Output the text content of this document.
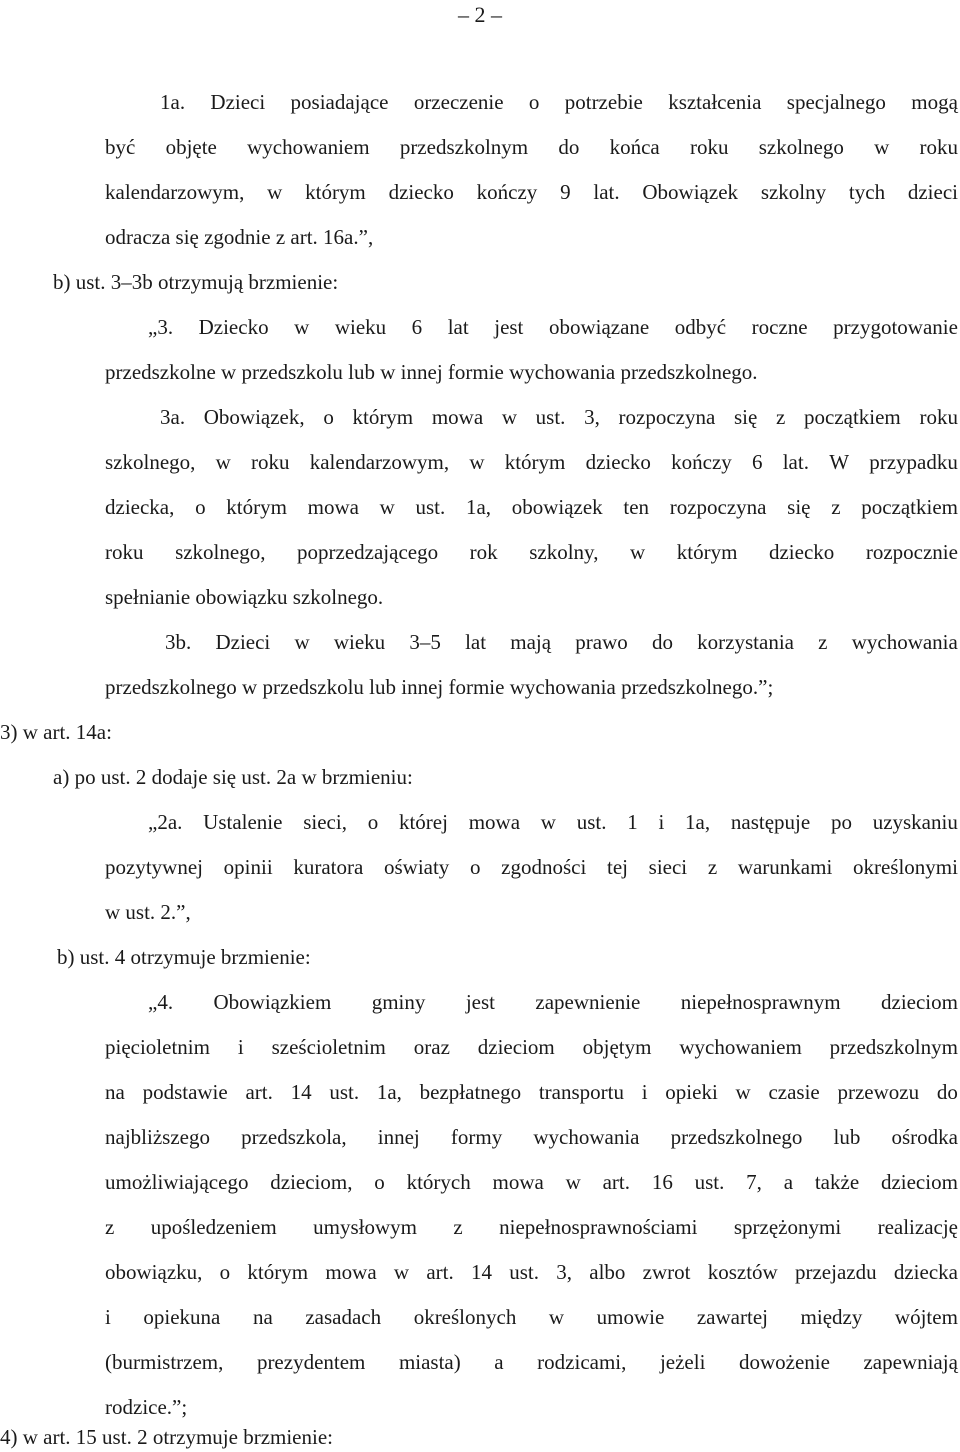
– 2 –
1a. Dzieci posiadające orzeczenie o potrzebie kształcenia specjalnego mogą
być objęte wychowaniem przedszkolnym do końca roku szkolnego w roku
kalendarzowym, w którym dziecko kończy 9 lat. Obowiązek szkolny tych dzieci
odracza się zgodnie z art. 16a.”,
b) ust. 3–3b otrzymują brzmienie:
„3. Dziecko w wieku 6 lat jest obowiązane odbyć roczne przygotowanie
przedszkolne w przedszkolu lub w innej formie wychowania przedszkolnego.
3a. Obowiązek, o którym mowa w ust. 3, rozpoczyna się z początkiem roku
szkolnego, w roku kalendarzowym, w którym dziecko kończy 6 lat. W przypadku
dziecka, o którym mowa w ust. 1a, obowiązek ten rozpoczyna się z początkiem
roku szkolnego, poprzedzającego rok szkolny, w którym dziecko rozpocznie
spełnianie obowiązku szkolnego.
3b. Dzieci w wieku 3–5 lat mają prawo do korzystania z wychowania
przedszkolnego w przedszkolu lub innej formie wychowania przedszkolnego.”;
3) w art. 14a:
a) po ust. 2 dodaje się ust. 2a w brzmieniu:
„2a. Ustalenie sieci, o której mowa w ust. 1 i 1a, następuje po uzyskaniu
pozytywnej opinii kuratora oświaty o zgodności tej sieci z warunkami określonymi
w ust. 2.”,
b) ust. 4 otrzymuje brzmienie:
„4. Obowiązkiem gminy jest zapewnienie niepełnosprawnym dzieciom
pięcioletnim i sześcioletnim oraz dzieciom objętym wychowaniem przedszkolnym
na podstawie art. 14 ust. 1a, bezpłatnego transportu i opieki w czasie przewozu do
najbliższego przedszkola, innej formy wychowania przedszkolnego lub ośrodka
umożliwiającego dzieciom, o których mowa w art. 16 ust. 7, a także dzieciom
z upośledzeniem umysłowym z niepełnosprawnościami sprzężonymi realizację
obowiązku, o którym mowa w art. 14 ust. 3, albo zwrot kosztów przejazdu dziecka
i opiekuna na zasadach określonych w umowie zawartej między wójtem
(burmistrzem, prezydentem miasta) a rodzicami, jeżeli dowożenie zapewniają
rodzice.”;
4) w art. 15 ust. 2 otrzymuje brzmienie:
